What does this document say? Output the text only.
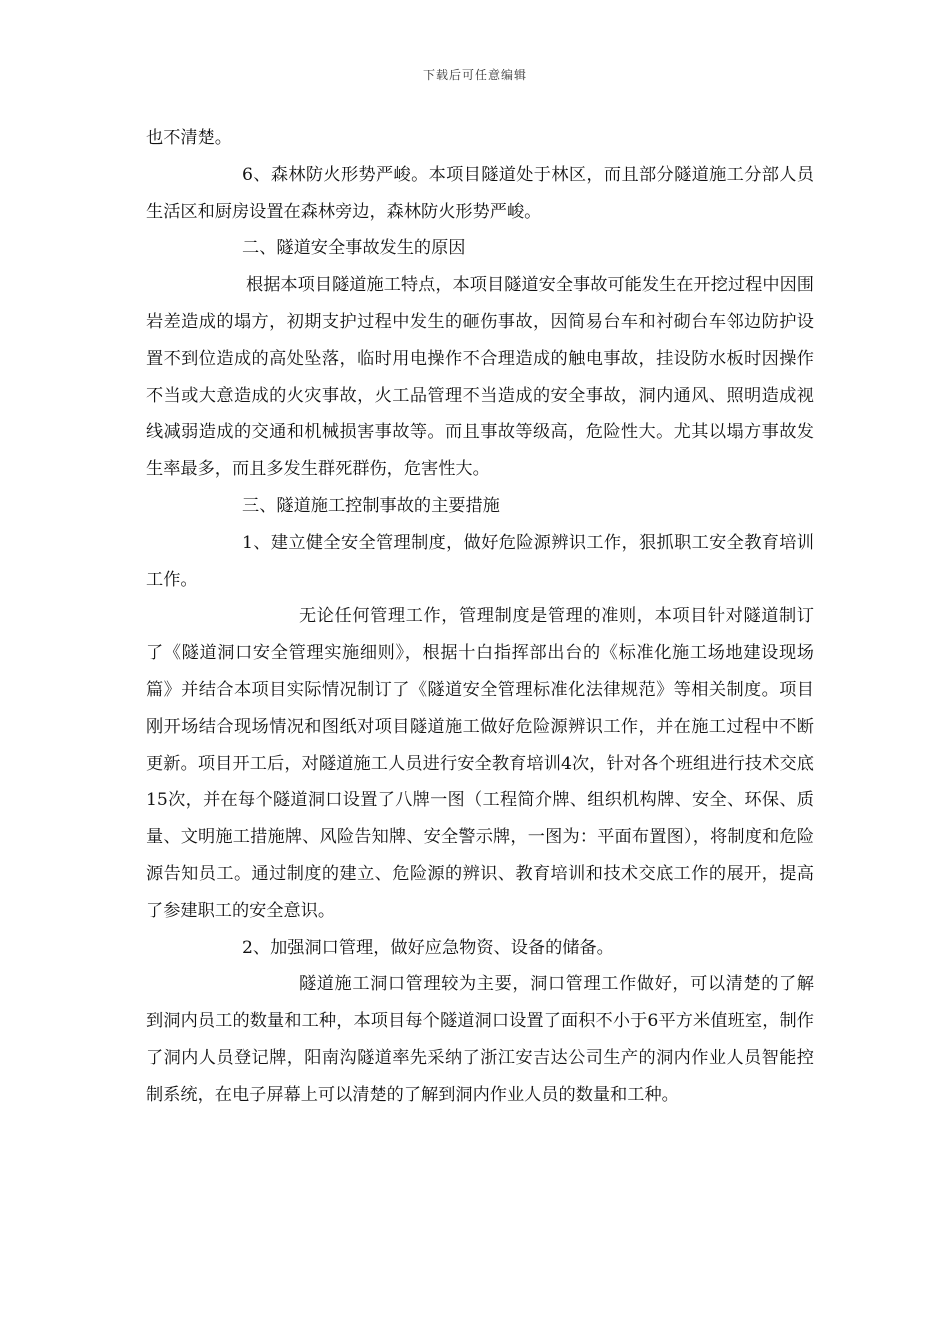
下载后可任意编辑

也不清楚。

6、森林防火形势严峻。本项目隧道处于林区，而且部分隧道施工分部人员生活区和厨房设置在森林旁边，森林防火形势严峻。

二、隧道安全事故发生的原因

根据本项目隧道施工特点，本项目隧道安全事故可能发生在开挖过程中因围岩差造成的塌方，初期支护过程中发生的砸伤事故，因简易台车和衬砌台车邻边防护设置不到位造成的高处坠落，临时用电操作不合理造成的触电事故，挂设防水板时因操作不当或大意造成的火灾事故，火工品管理不当造成的安全事故，洞内通风、照明造成视线减弱造成的交通和机械损害事故等。而且事故等级高，危险性大。尤其以塌方事故发生率最多，而且多发生群死群伤，危害性大。

三、隧道施工控制事故的主要措施

1、建立健全安全管理制度，做好危险源辨识工作，狠抓职工安全教育培训工作。

无论任何管理工作，管理制度是管理的准则，本项目针对隧道制订了《隧道洞口安全管理实施细则》，根据十白指挥部出台的《标准化施工场地建设现场篇》并结合本项目实际情况制订了《隧道安全管理标准化法律规范》等相关制度。项目刚开场结合现场情况和图纸对项目隧道施工做好危险源辨识工作，并在施工过程中不断更新。项目开工后，对隧道施工人员进行安全教育培训4次，针对各个班组进行技术交底15次，并在每个隧道洞口设置了八牌一图（工程简介牌、组织机构牌、安全、环保、质量、文明施工措施牌、风险告知牌、安全警示牌，一图为：平面布置图），将制度和危险源告知员工。通过制度的建立、危险源的辨识、教育培训和技术交底工作的展开，提高了参建职工的安全意识。

2、加强洞口管理，做好应急物资、设备的储备。

隧道施工洞口管理较为主要，洞口管理工作做好，可以清楚的了解到洞内员工的数量和工种，本项目每个隧道洞口设置了面积不小于6平方米值班室，制作了洞内人员登记牌，阳南沟隧道率先采纳了浙江安吉达公司生产的洞内作业人员智能控制系统，在电子屏幕上可以清楚的了解到洞内作业人员的数量和工种。
